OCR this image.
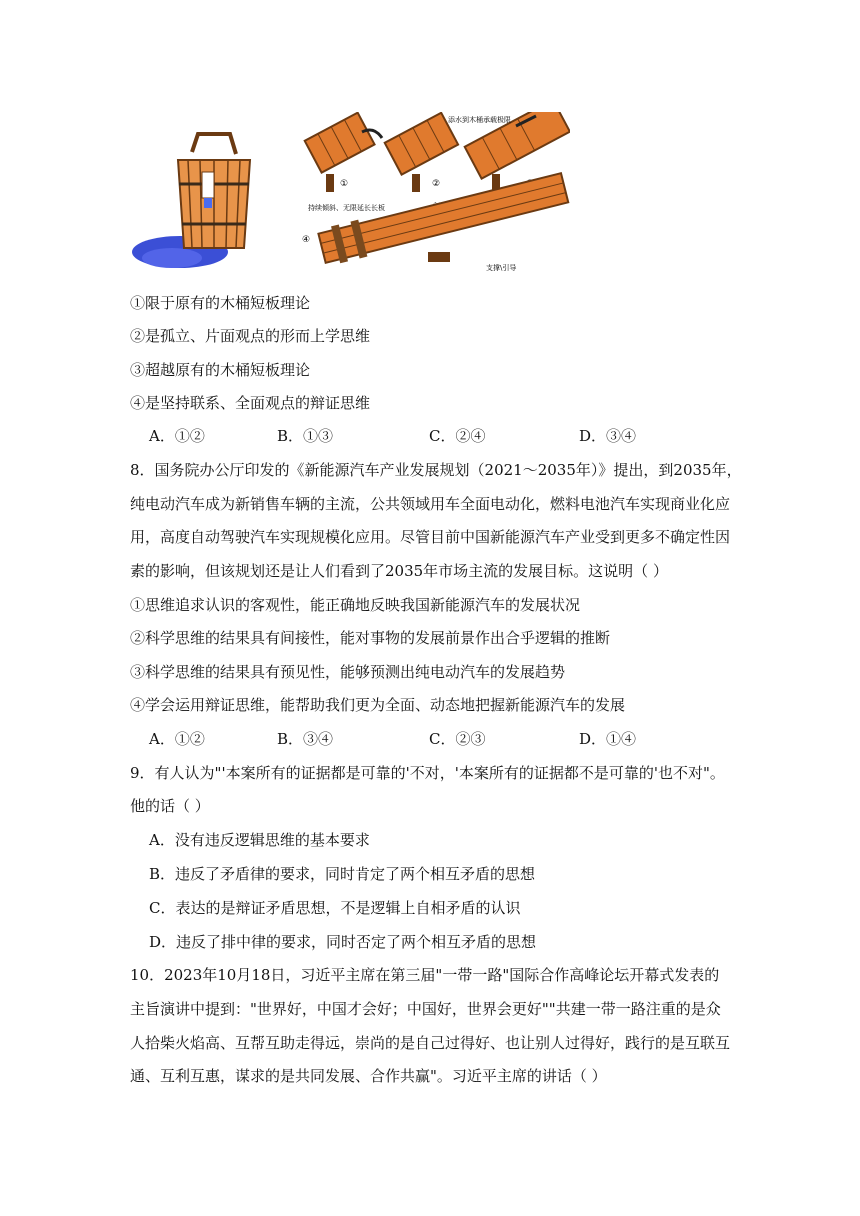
①	②
添水到木桶承载极限
持续倾斜、无限延长长板
④
支撑\引导
①限于原有的木桶短板理论
②是孤立、片面观点的形而上学思维
③超越原有的木桶短板理论
④是坚持联系、全面观点的辩证思维
A．①②	B．①③	C．②④	D．③④
8．国务院办公厅印发的《新能源汽车产业发展规划（2021～2035年）》提出，到2035年，
纯电动汽车成为新销售车辆的主流，公共领域用车全面电动化，燃料电池汽车实现商业化应
用，高度自动驾驶汽车实现规模化应用。尽管目前中国新能源汽车产业受到更多不确定性因
素的影响，但该规划还是让人们看到了2035年市场主流的发展目标。这说明（ ）
①思维追求认识的客观性，能正确地反映我国新能源汽车的发展状况
②科学思维的结果具有间接性，能对事物的发展前景作出合乎逻辑的推断
③科学思维的结果具有预见性，能够预测出纯电动汽车的发展趋势
④学会运用辩证思维，能帮助我们更为全面、动态地把握新能源汽车的发展
A．①②	B．③④	C．②③	D．①④
9．有人认为"'本案所有的证据都是可靠的'不对，'本案所有的证据都不是可靠的'也不对"。
他的话（ ）
A．没有违反逻辑思维的基本要求
B．违反了矛盾律的要求，同时肯定了两个相互矛盾的思想
C．表达的是辩证矛盾思想，不是逻辑上自相矛盾的认识
D．违反了排中律的要求，同时否定了两个相互矛盾的思想
10．2023年10月18日，习近平主席在第三届"一带一路"国际合作高峰论坛开幕式发表的
主旨演讲中提到："世界好，中国才会好；中国好，世界会更好""共建一带一路注重的是众
人拾柴火焰高、互帮互助走得远，崇尚的是自己过得好、也让别人过得好，践行的是互联互
通、互利互惠，谋求的是共同发展、合作共赢"。习近平主席的讲话（ ）
